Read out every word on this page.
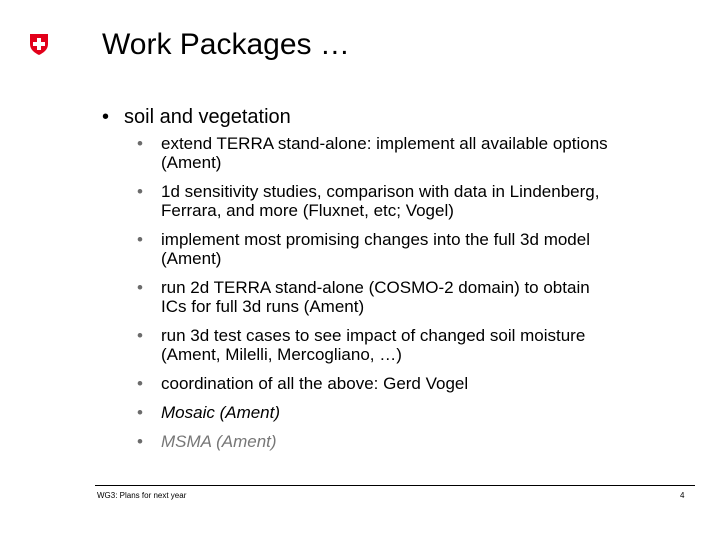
Work Packages …
• soil and vegetation
• extend TERRA stand-alone: implement all available options
(Ament)
• 1d sensitivity studies, comparison with data in Lindenberg,
Ferrara, and more (Fluxnet, etc; Vogel)
• implement most promising changes into the full 3d model
(Ament)
• run 2d TERRA stand-alone (COSMO-2 domain) to obtain
ICs for full 3d runs (Ament)
• run 3d test cases to see impact of changed soil moisture
(Ament, Milelli, Mercogliano, …)
• coordination of all the above: Gerd Vogel
• Mosaic (Ament)
• MSMA (Ament)
WG3: Plans for next year	4
